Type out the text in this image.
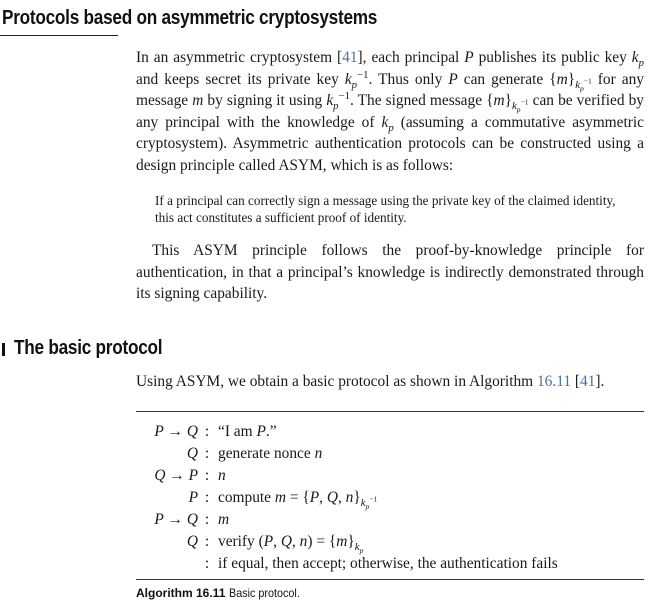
Protocols based on asymmetric cryptosystems

In an asymmetric cryptosystem [41], each principal P publishes its public key $k_p$ and keeps secret its private key $k_p^{-1}$. Thus only P can generate $\{m\}_{k_p^{-1}}$ for any message m by signing it using $k_p^{-1}$. The signed message $\{m\}_{k_p^{-1}}$ can be verified by any principal with the knowledge of $k_p$ (assuming a commutative asymmetric cryptosystem). Asymmetric authentication protocols can be constructed using a design principle called ASYM, which is as follows:

If a principal can correctly sign a message using the private key of the claimed identity, this act constitutes a sufficient proof of identity.

This ASYM principle follows the proof-by-knowledge principle for authentication, in that a principal’s knowledge is indirectly demonstrated through its signing capability.

The basic protocol

Using ASYM, we obtain a basic protocol as shown in Algorithm 16.11 [41].

P → Q	:	“I am P.”
Q	:	generate nonce n
Q → P	:	n
P	:	compute m = {P, Q, $n\}_{k_p^{-1}}$
P → Q	:	m
Q	:	verify (P, Q, $n) = \{m\}_{k_p}$
	:	if equal, then accept; otherwise, the authentication fails
Algorithm 16.11 Basic protocol.
